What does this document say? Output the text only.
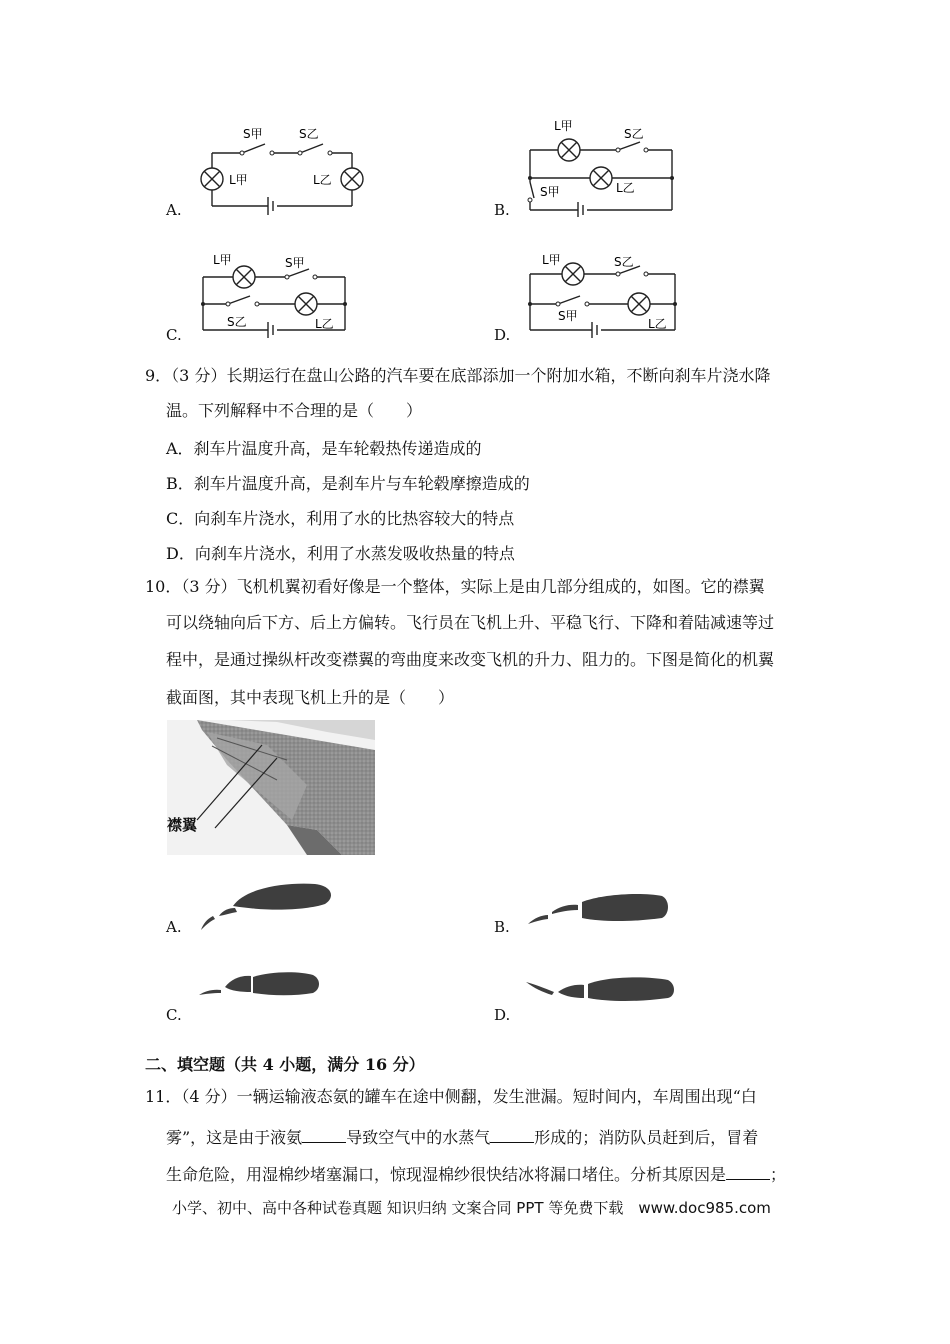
A.
S甲	S乙
L甲	L乙
B.
L甲
S乙
S甲	L乙
C.
L甲	S甲
S乙	L乙
D.
L甲	S乙
S甲
L乙
9．（3 分）长期运行在盘山公路的汽车要在底部添加一个附加水箱，不断向刹车片浇水降
温。下列解释中不合理的是（　　）
A．刹车片温度升高，是车轮毂热传递造成的
B．刹车片温度升高，是刹车片与车轮毂摩擦造成的
C．向刹车片浇水，利用了水的比热容较大的特点
D．向刹车片浇水，利用了水蒸发吸收热量的特点
10．（3 分）飞机机翼初看好像是一个整体，实际上是由几部分组成的，如图。它的襟翼
可以绕轴向后下方、后上方偏转。飞行员在飞机上升、平稳飞行、下降和着陆减速等过
程中，是通过操纵杆改变襟翼的弯曲度来改变飞机的升力、阻力的。下图是简化的机翼
截面图，其中表现飞机上升的是（　　）
襟翼
A.	B.
C.	D.
二、填空题（共 4 小题，满分 16 分）
11．（4 分）一辆运输液态氨的罐车在途中侧翻，发生泄漏。短时间内，车周围出现“白
雾”，这是由于液氨	导致空气中的水蒸气	形成的；消防队员赶到后，冒着
生命危险，用湿棉纱堵塞漏口，惊现湿棉纱很快结冰将漏口堵住。分析其原因是	；
小学、初中、高中各种试卷真题 知识归纳 文案合同 PPT 等免费下载　www.doc985.com
